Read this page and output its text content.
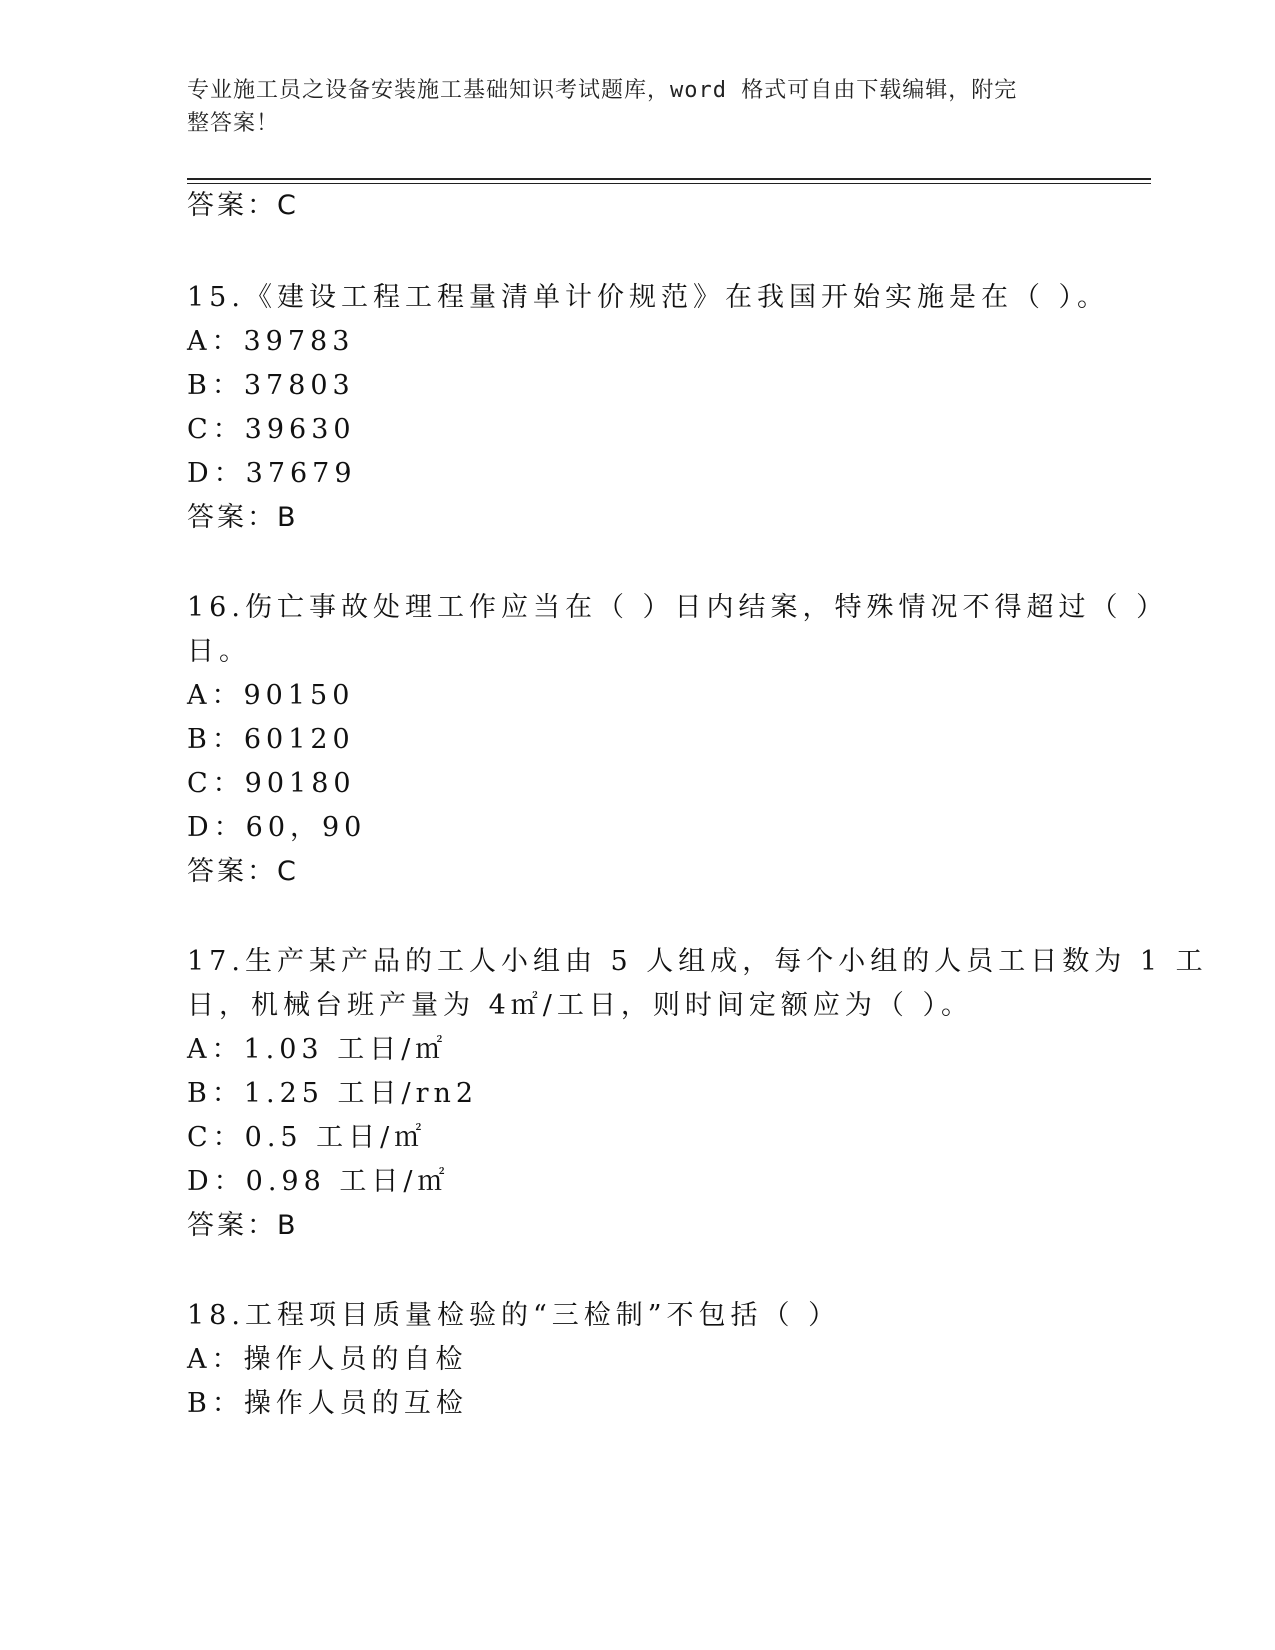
专业施工员之设备安装施工基础知识考试题库，word 格式可自由下载编辑，附完
整答案！
答案：C
15.《建设工程工程量清单计价规范》在我国开始实施是在（ ）。
A：39783
B：37803
C：39630
D：37679
答案：B
16.伤亡事故处理工作应当在（ ）日内结案，特殊情况不得超过（ ）
日。
A：90150
B：60120
C：90180
D：60，90
答案：C
17.生产某产品的工人小组由 5 人组成，每个小组的人员工日数为 1 工
日，机械台班产量为 4㎡/工日，则时间定额应为（ ）。
A：1.03 工日/㎡
B：1.25 工日/rn2
C：0.5 工日/㎡
D：0.98 工日/㎡
答案：B
18.工程项目质量检验的“三检制”不包括（ ）
A：操作人员的自检
B：操作人员的互检
